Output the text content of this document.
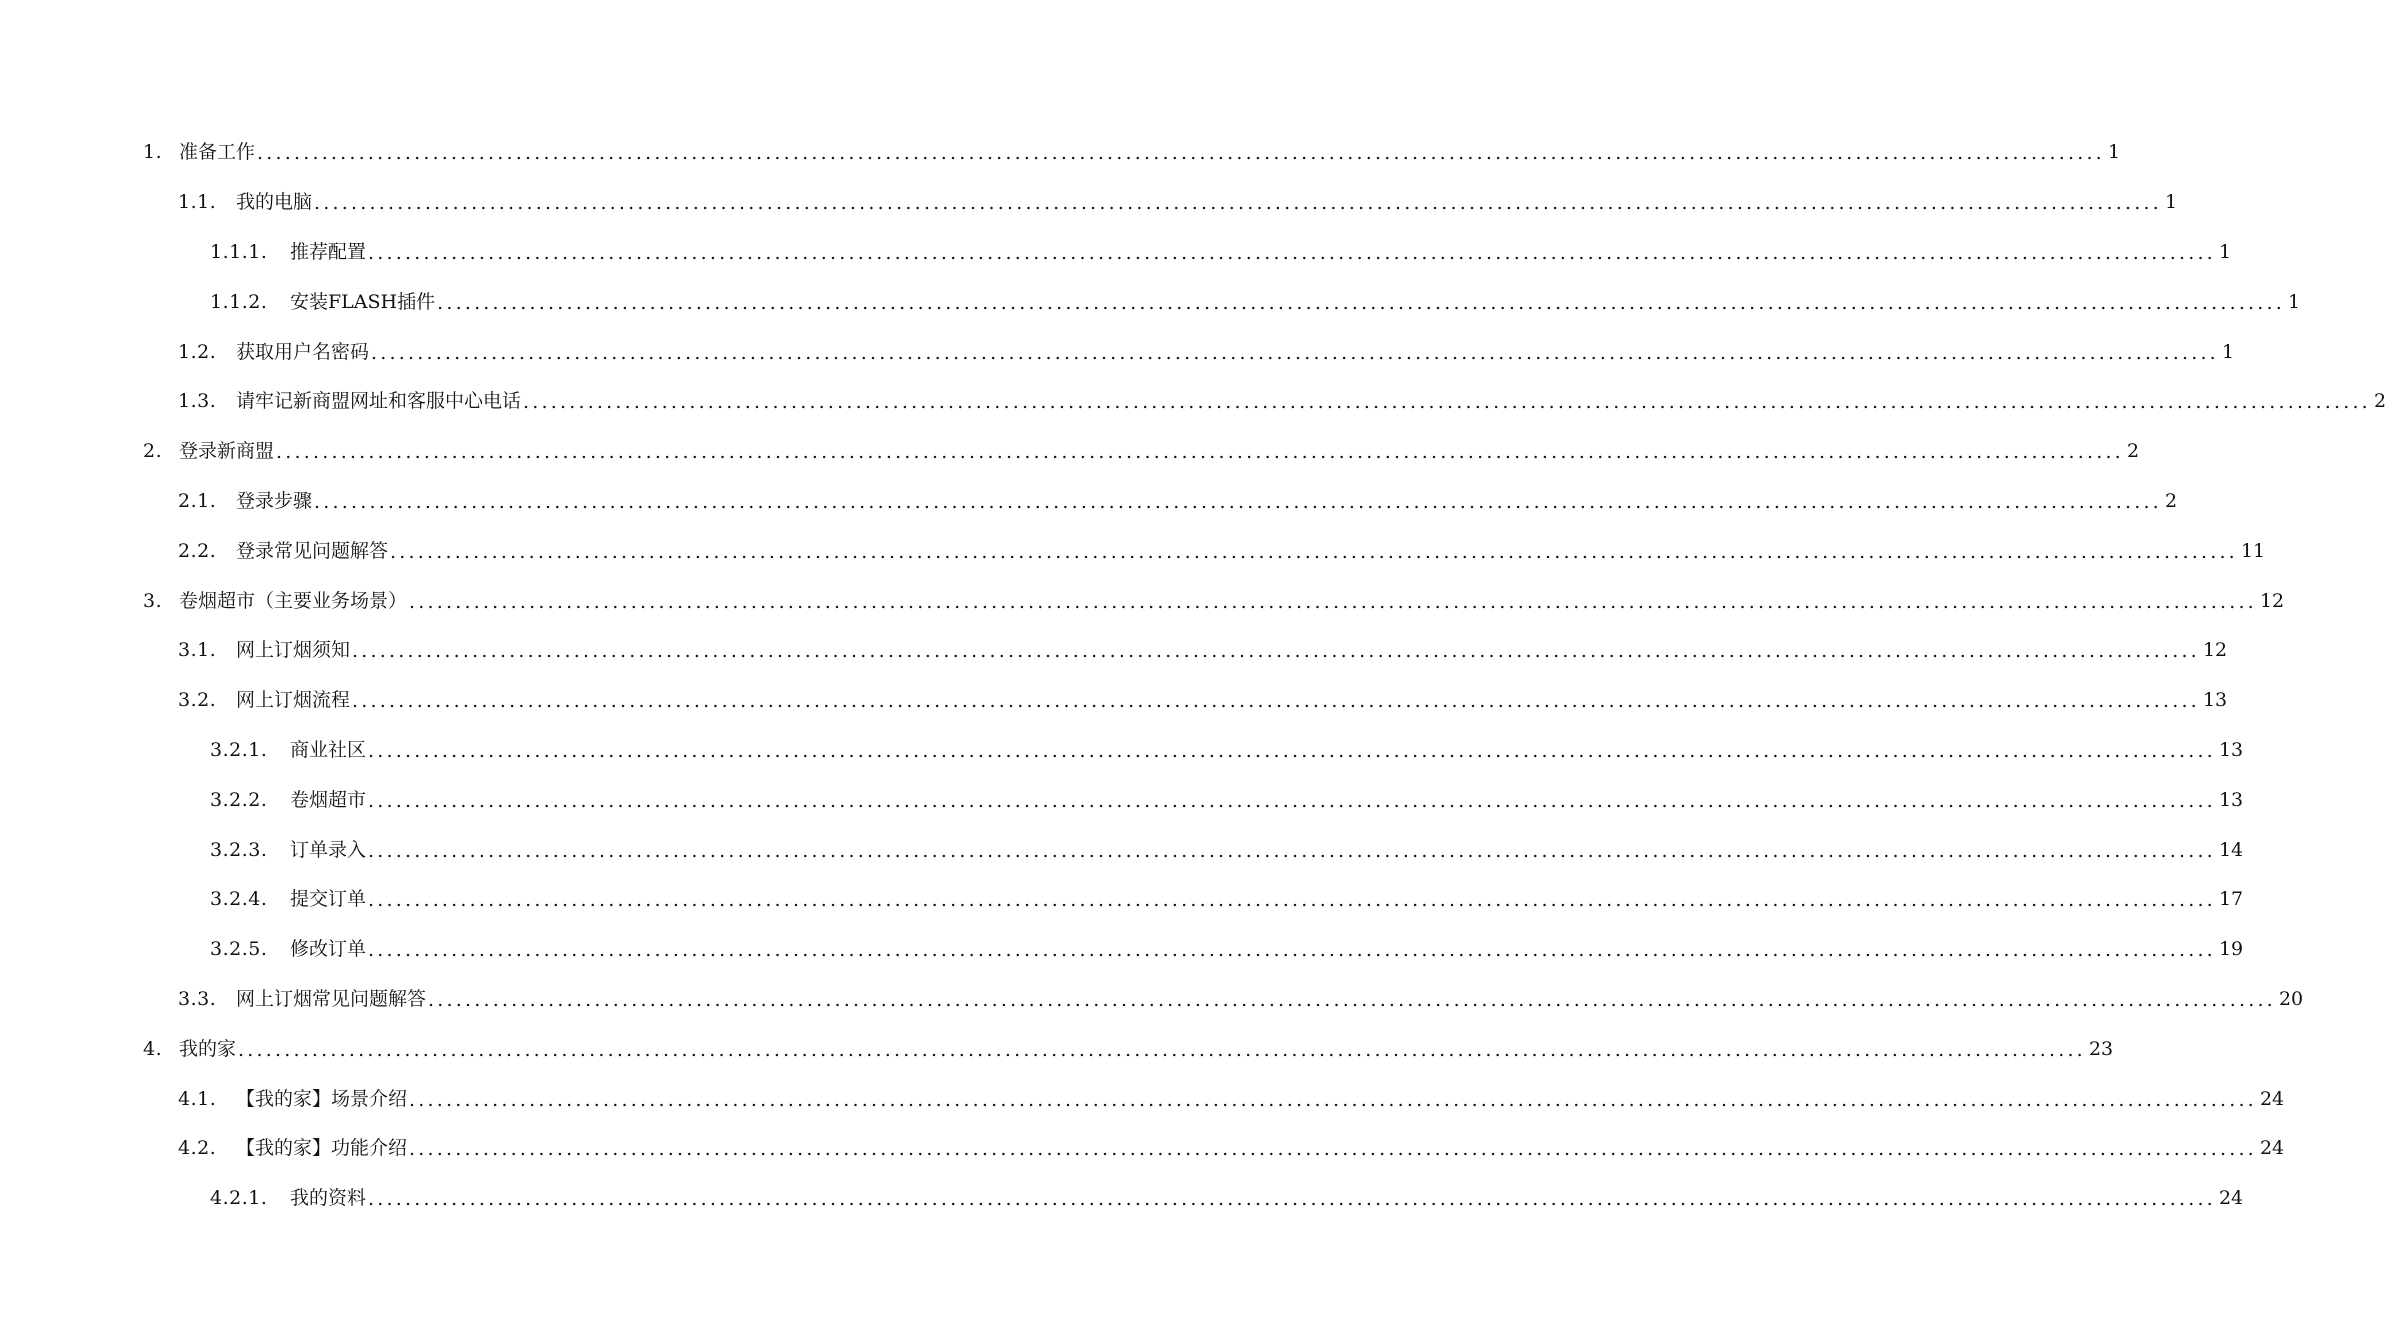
1. 准备工作 ........................................................................................................................................................................................................ 1
1.1.	我的电脑 ........................................................................................................................................................................................................ 1
1.1.1.	推荐配置 ........................................................................................................................................................................................................ 1
1.1.2.	安装FLASH插件 ........................................................................................................................................................................................................ 1
1.2.	获取用户名密码 ........................................................................................................................................................................................................ 1
1.3.	请牢记新商盟网址和客服中心电话 ........................................................................................................................................................................................................ 2
2. 登录新商盟 ........................................................................................................................................................................................................ 2
2.1.	登录步骤 ........................................................................................................................................................................................................ 2
2.2.	登录常见问题解答 ........................................................................................................................................................................................................ 11
3. 卷烟超市（主要业务场景） ........................................................................................................................................................................................................ 12
3.1.	网上订烟须知 ........................................................................................................................................................................................................ 12
3.2.	网上订烟流程 ........................................................................................................................................................................................................ 13
3.2.1.	商业社区 ........................................................................................................................................................................................................ 13
3.2.2.	卷烟超市 ........................................................................................................................................................................................................ 13
3.2.3.	订单录入 ........................................................................................................................................................................................................ 14
3.2.4.	提交订单 ........................................................................................................................................................................................................ 17
3.2.5.	修改订单 ........................................................................................................................................................................................................ 19
3.3.	网上订烟常见问题解答 ........................................................................................................................................................................................................ 20
4. 我的家 ........................................................................................................................................................................................................ 23
4.1.	【我的家】场景介绍 ........................................................................................................................................................................................................ 24
4.2.	【我的家】功能介绍 ........................................................................................................................................................................................................ 24
4.2.1.	我的资料 ........................................................................................................................................................................................................ 24
